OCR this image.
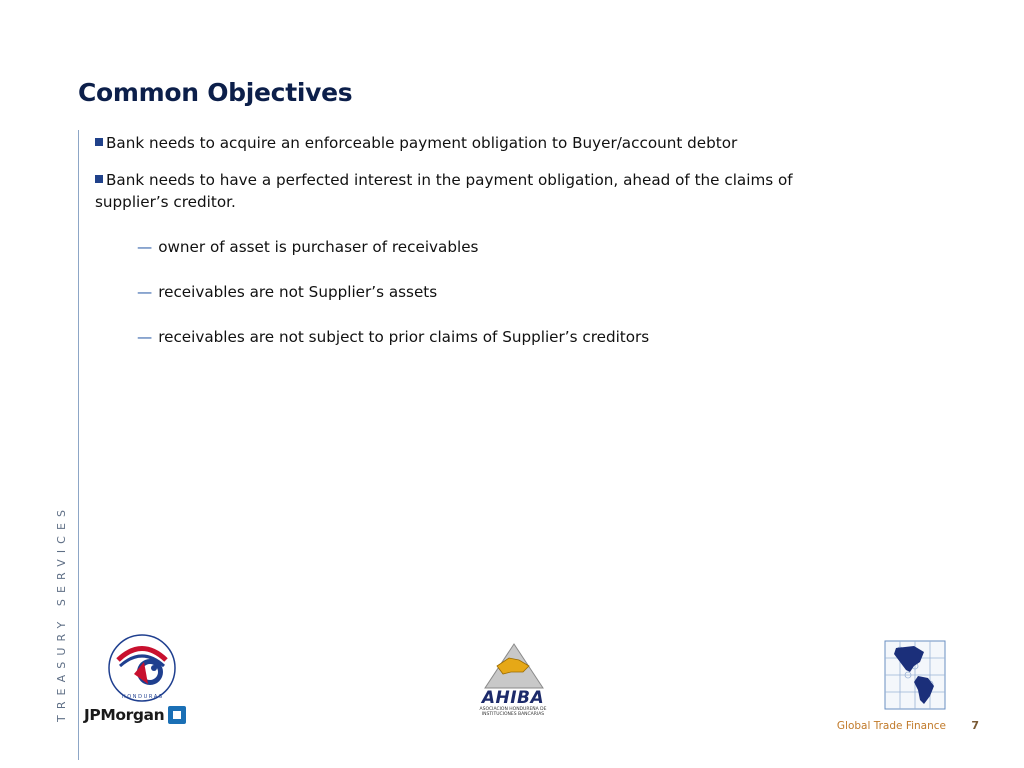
Common Objectives
TREASURY SERVICES

Bank needs to acquire an enforceable payment obligation to Buyer/account debtor

Bank needs to have a perfected interest in the payment obligation, ahead of the claims of supplier’s creditor.

— owner of asset is purchaser of receivables

— receivables are not Supplier’s assets

— receivables are not subject to prior claims of Supplier’s creditors

H O N D U R A S
JPMorgan
AHIBA
ASOCIACION HONDUREÑA DE INSTITUCIONES BANCARIAS
Global Trade Finance 7
